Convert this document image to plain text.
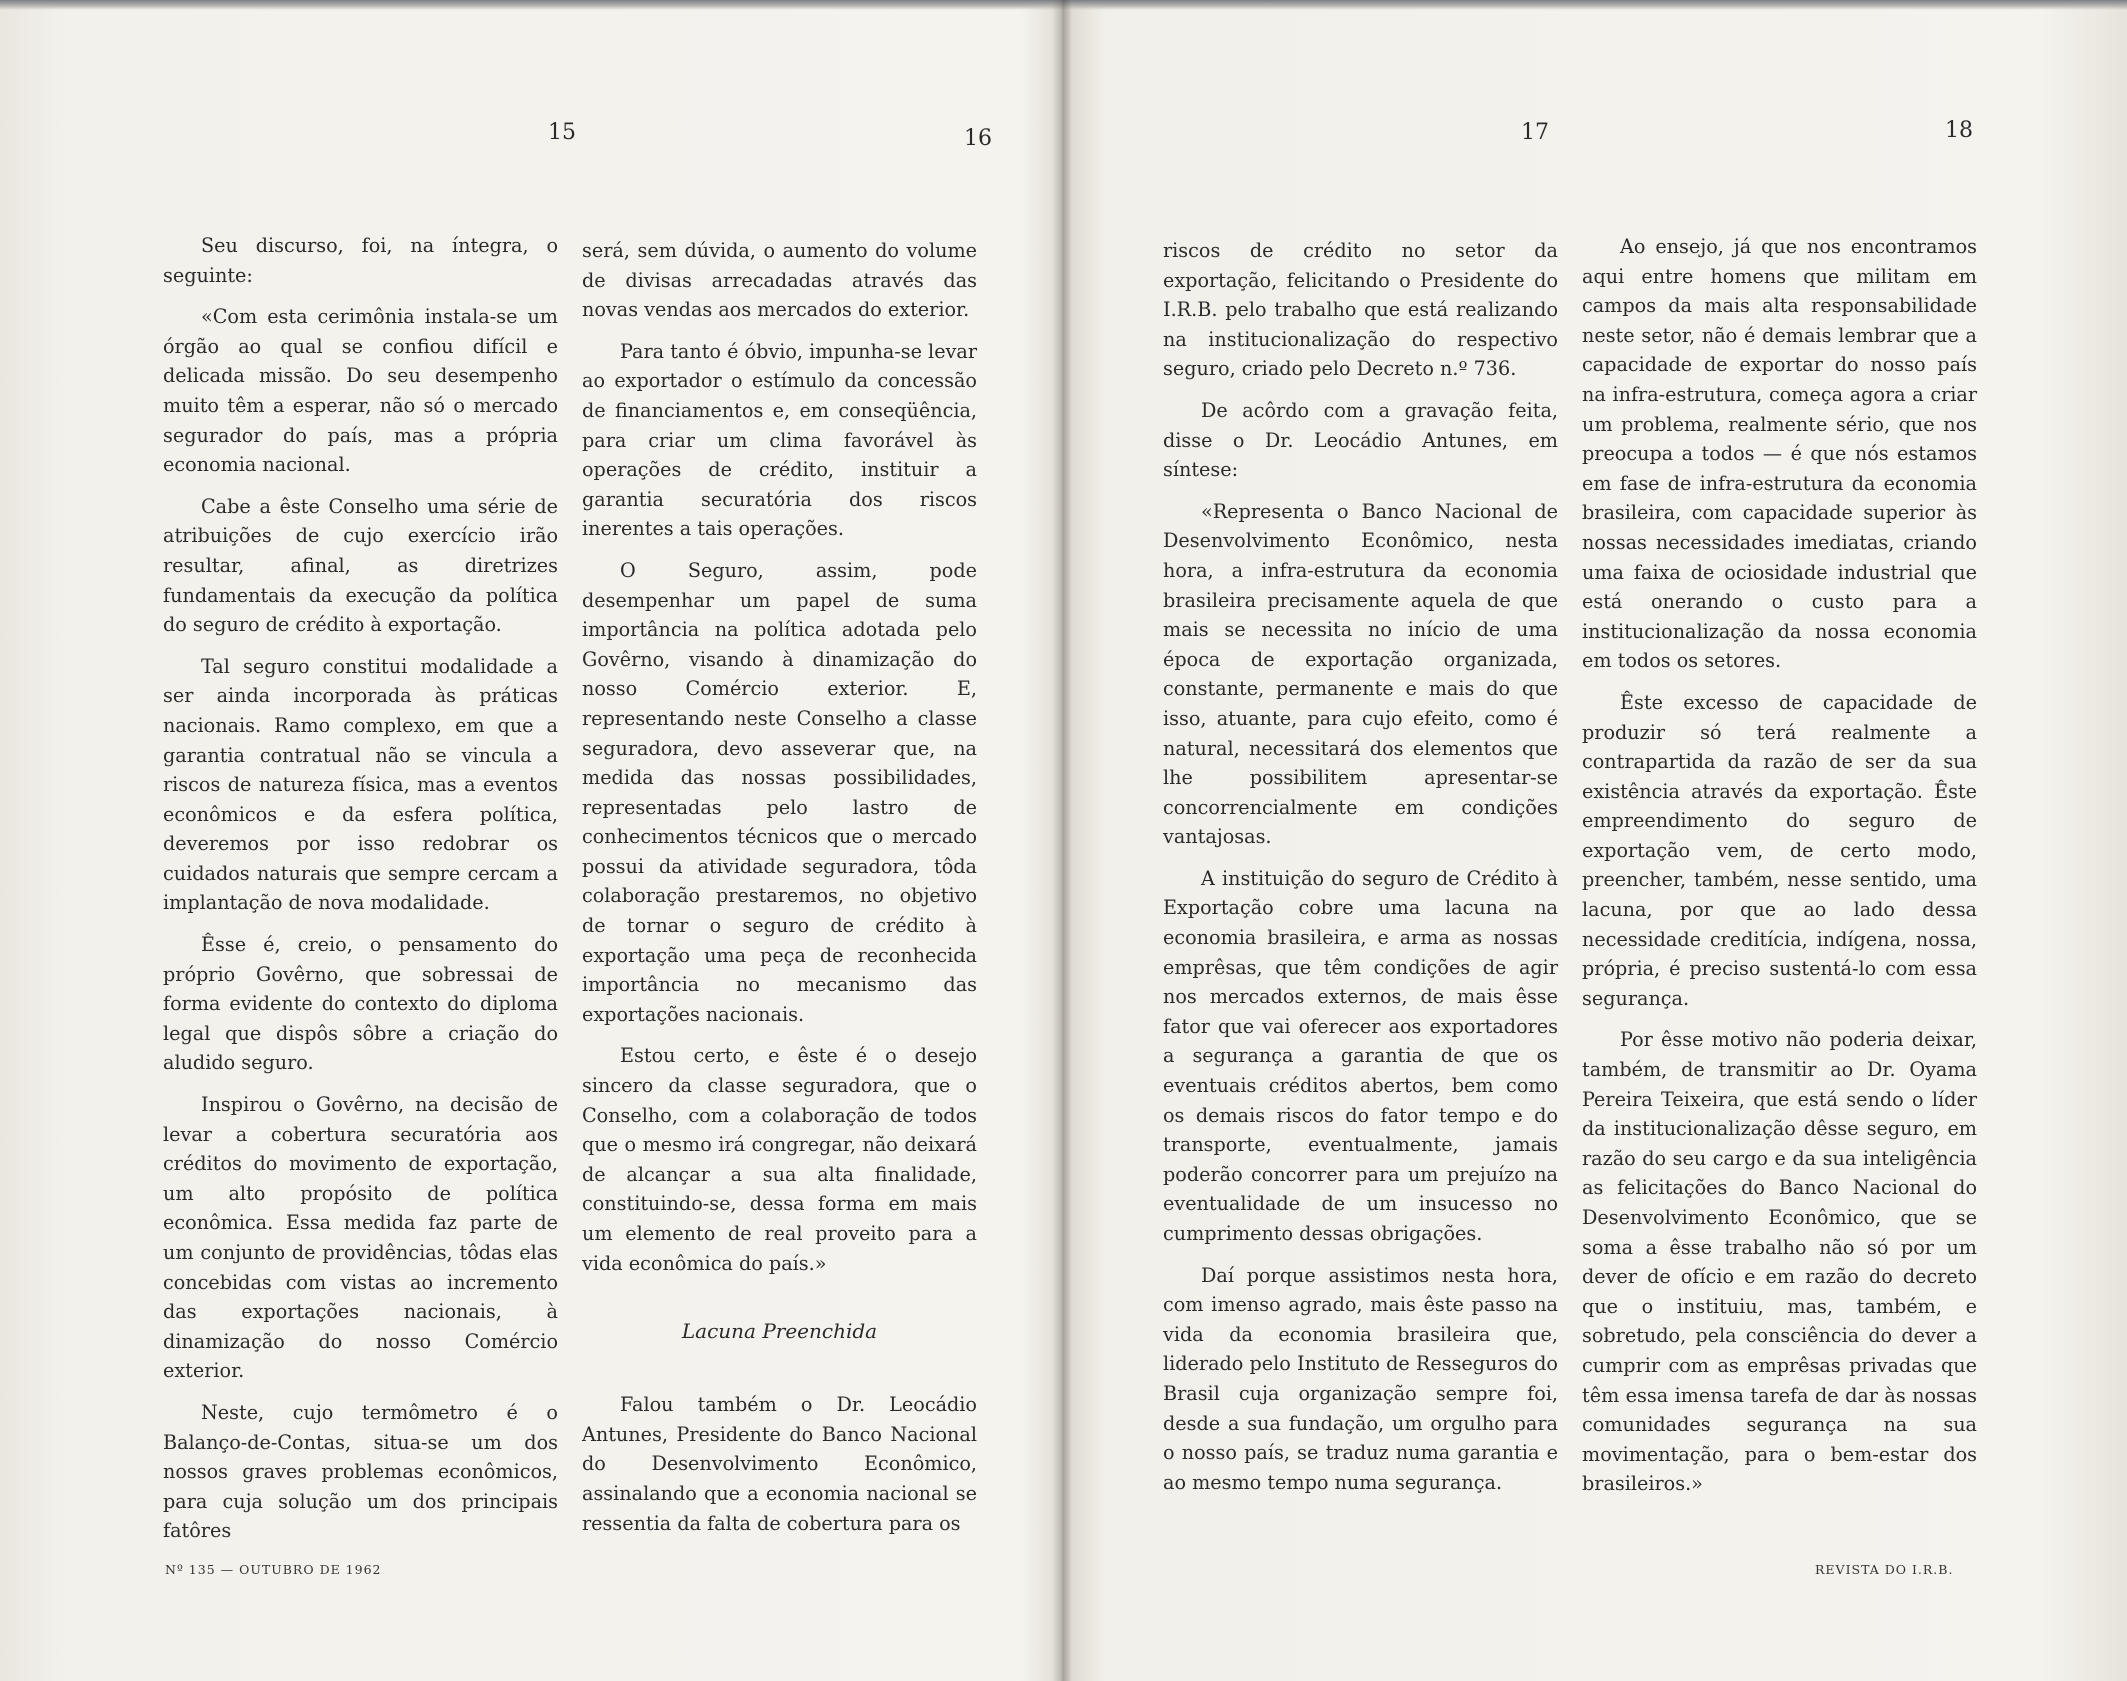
15	16	17	18

Seu discurso, foi, na íntegra, o seguinte:

«Com esta cerimônia instala-se um órgão ao qual se confiou difícil e delicada missão. Do seu desempenho muito têm a esperar, não só o mercado segurador do país, mas a própria economia nacional.

Cabe a êste Conselho uma série de atribuições de cujo exercício irão resultar, afinal, as diretrizes fundamentais da execução da política do seguro de crédito à exportação.

Tal seguro constitui modalidade a ser ainda incorporada às práticas nacionais. Ramo complexo, em que a garantia contratual não se vincula a riscos de natureza física, mas a eventos econômicos e da esfera política, deveremos por isso redobrar os cuidados naturais que sempre cercam a implantação de nova modalidade.

Êsse é, creio, o pensamento do próprio Govêrno, que sobressai de forma evidente do contexto do diploma legal que dispôs sôbre a criação do aludido seguro.

Inspirou o Govêrno, na decisão de levar a cobertura securatória aos créditos do movimento de exportação, um alto propósito de política econômica. Essa medida faz parte de um conjunto de providências, tôdas elas concebidas com vistas ao incremento das exportações nacionais, à dinamização do nosso Comércio exterior.

Neste, cujo termômetro é o Balanço-de-Contas, situa-se um dos nossos graves problemas econômicos, para cuja solução um dos principais fatôres

será, sem dúvida, o aumento do volume de divisas arrecadadas através das novas vendas aos mercados do exterior.

Para tanto é óbvio, impunha-se levar ao exportador o estímulo da concessão de financiamentos e, em conseqüência, para criar um clima favorável às operações de crédito, instituir a garantia securatória dos riscos inerentes a tais operações.

O Seguro, assim, pode desempenhar um papel de suma importância na política adotada pelo Govêrno, visando à dinamização do nosso Comércio exterior. E, representando neste Conselho a classe seguradora, devo asseverar que, na medida das nossas possibilidades, representadas pelo lastro de conhecimentos técnicos que o mercado possui da atividade seguradora, tôda colaboração prestaremos, no objetivo de tornar o seguro de crédito à exportação uma peça de reconhecida importância no mecanismo das exportações nacionais.

Estou certo, e êste é o desejo sincero da classe seguradora, que o Conselho, com a colaboração de todos que o mesmo irá congregar, não deixará de alcançar a sua alta finalidade, constituindo-se, dessa forma em mais um elemento de real proveito para a vida econômica do país.»

Lacuna Preenchida

Falou também o Dr. Leocádio Antunes, Presidente do Banco Nacional do Desenvolvimento Econômico, assinalando que a economia nacional se ressentia da falta de cobertura para os

riscos de crédito no setor da exportação, felicitando o Presidente do I.R.B. pelo trabalho que está realizando na institucionalização do respectivo seguro, criado pelo Decreto n.º 736.

De acôrdo com a gravação feita, disse o Dr. Leocádio Antunes, em síntese:

«Representa o Banco Nacional de Desenvolvimento Econômico, nesta hora, a infra-estrutura da economia brasileira precisamente aquela de que mais se necessita no início de uma época de exportação organizada, constante, permanente e mais do que isso, atuante, para cujo efeito, como é natural, necessitará dos elementos que lhe possibilitem apresentar-se concorrencialmente em condições vantajosas.

A instituição do seguro de Crédito à Exportação cobre uma lacuna na economia brasileira, e arma as nossas emprêsas, que têm condições de agir nos mercados externos, de mais êsse fator que vai oferecer aos exportadores a segurança a garantia de que os eventuais créditos abertos, bem como os demais riscos do fator tempo e do transporte, eventualmente, jamais poderão concorrer para um prejuízo na eventualidade de um insucesso no cumprimento dessas obrigações.

Daí porque assistimos nesta hora, com imenso agrado, mais êste passo na vida da economia brasileira que, liderado pelo Instituto de Resseguros do Brasil cuja organização sempre foi, desde a sua fundação, um orgulho para o nosso país, se traduz numa garantia e ao mesmo tempo numa segurança.

Ao ensejo, já que nos encontramos aqui entre homens que militam em campos da mais alta responsabilidade neste setor, não é demais lembrar que a capacidade de exportar do nosso país na infra-estrutura, começa agora a criar um problema, realmente sério, que nos preocupa a todos — é que nós estamos em fase de infra-estrutura da economia brasileira, com capacidade superior às nossas necessidades imediatas, criando uma faixa de ociosidade industrial que está onerando o custo para a institucionalização da nossa economia em todos os setores.

Êste excesso de capacidade de produzir só terá realmente a contrapartida da razão de ser da sua existência através da exportação. Êste empreendimento do seguro de exportação vem, de certo modo, preencher, também, nesse sentido, uma lacuna, por que ao lado dessa necessidade creditícia, indígena, nossa, própria, é preciso sustentá-lo com essa segurança.

Por êsse motivo não poderia deixar, também, de transmitir ao Dr. Oyama Pereira Teixeira, que está sendo o líder da institucionalização dêsse seguro, em razão do seu cargo e da sua inteligência as felicitações do Banco Nacional do Desenvolvimento Econômico, que se soma a êsse trabalho não só por um dever de ofício e em razão do decreto que o instituiu, mas, também, e sobretudo, pela consciência do dever a cumprir com as emprêsas privadas que têm essa imensa tarefa de dar às nossas comunidades segurança na sua movimentação, para o bem-estar dos brasileiros.»

Nº 135 — OUTUBRO DE 1962	REVISTA DO I.R.B.
